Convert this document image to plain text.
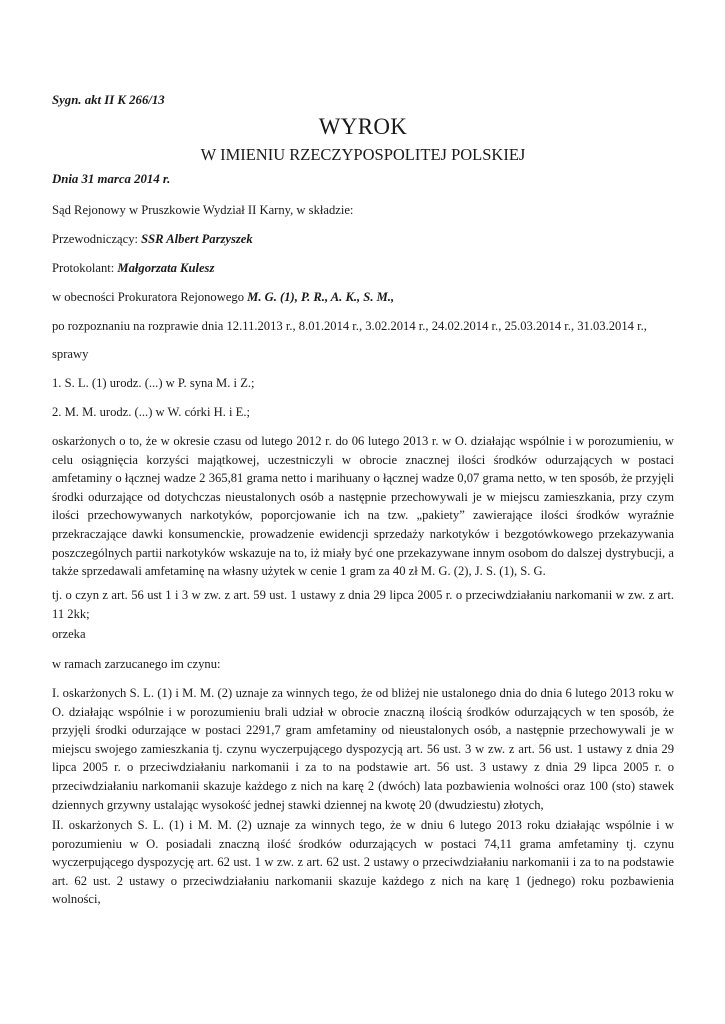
Sygn. akt II K 266/13
WYROK
W IMIENIU RZECZYPOSPOLITEJ POLSKIEJ
Dnia 31 marca 2014 r.
Sąd Rejonowy w Pruszkowie Wydział II Karny, w składzie:
Przewodniczący: SSR Albert Parzyszek
Protokolant: Małgorzata Kulesz
w obecności Prokuratora Rejonowego M. G. (1), P. R., A. K., S. M.,
po rozpoznaniu na rozprawie dnia 12.11.2013 r., 8.01.2014 r., 3.02.2014 r., 24.02.2014 r., 25.03.2014 r., 31.03.2014 r.,
sprawy
1. S. L. (1) urodz. (...) w P. syna M. i Z.;
2. M. M. urodz. (...) w W. córki H. i E.;
oskarżonych o to, że w okresie czasu od lutego 2012 r. do 06 lutego 2013 r. w O. działając wspólnie i w porozumieniu, w celu osiągnięcia korzyści majątkowej, uczestniczyli w obrocie znacznej ilości środków odurzających w postaci amfetaminy o łącznej wadze 2 365,81 grama netto i marihuany o łącznej wadze 0,07 grama netto, w ten sposób, że przyjęli środki odurzające od dotychczas nieustalonych osób a następnie przechowywali je w miejscu zamieszkania, przy czym ilości przechowywanych narkotyków, poporcjowanie ich na tzw. „pakiety” zawierające ilości środków wyraźnie przekraczające dawki konsumenckie, prowadzenie ewidencji sprzedaży narkotyków i bezgotówkowego przekazywania poszczególnych partii narkotyków wskazuje na to, iż miały być one przekazywane innym osobom do dalszej dystrybucji, a także sprzedawali amfetaminę na własny użytek w cenie 1 gram za 40 zł M. G. (2), J. S. (1), S. G.
tj. o czyn z art. 56 ust 1 i 3 w zw. z art. 59 ust. 1 ustawy z dnia 29 lipca 2005 r. o przeciwdziałaniu narkomanii w zw. z art. 11 2kk;
orzeka
w ramach zarzucanego im czynu:
I. oskarżonych S. L. (1) i M. M. (2) uznaje za winnych tego, że od bliżej nie ustalonego dnia do dnia 6 lutego 2013 roku w O. działając wspólnie i w porozumieniu brali udział w obrocie znaczną ilością środków odurzających w ten sposób, że przyjęli środki odurzające w postaci 2291,7 gram amfetaminy od nieustalonych osób, a następnie przechowywali je w miejscu swojego zamieszkania tj. czynu wyczerpującego dyspozycją art. 56 ust. 3 w zw. z art. 56 ust. 1 ustawy z dnia 29 lipca 2005 r. o przeciwdziałaniu narkomanii i za to na podstawie art. 56 ust. 3 ustawy z dnia 29 lipca 2005 r. o przeciwdziałaniu narkomanii skazuje każdego z nich na karę 2 (dwóch) lata pozbawienia wolności oraz 100 (sto) stawek dziennych grzywny ustalając wysokość jednej stawki dziennej na kwotę 20 (dwudziestu) złotych,
II. oskarżonych S. L. (1) i M. M. (2) uznaje za winnych tego, że w dniu 6 lutego 2013 roku działając wspólnie i w porozumieniu w O. posiadali znaczną ilość środków odurzających w postaci 74,11 grama amfetaminy tj. czynu wyczerpującego dyspozycję art. 62 ust. 1 w zw. z art. 62 ust. 2 ustawy o przeciwdziałaniu narkomanii i za to na podstawie art. 62 ust. 2 ustawy o przeciwdziałaniu narkomanii skazuje każdego z nich na karę 1 (jednego) roku pozbawienia wolności,
